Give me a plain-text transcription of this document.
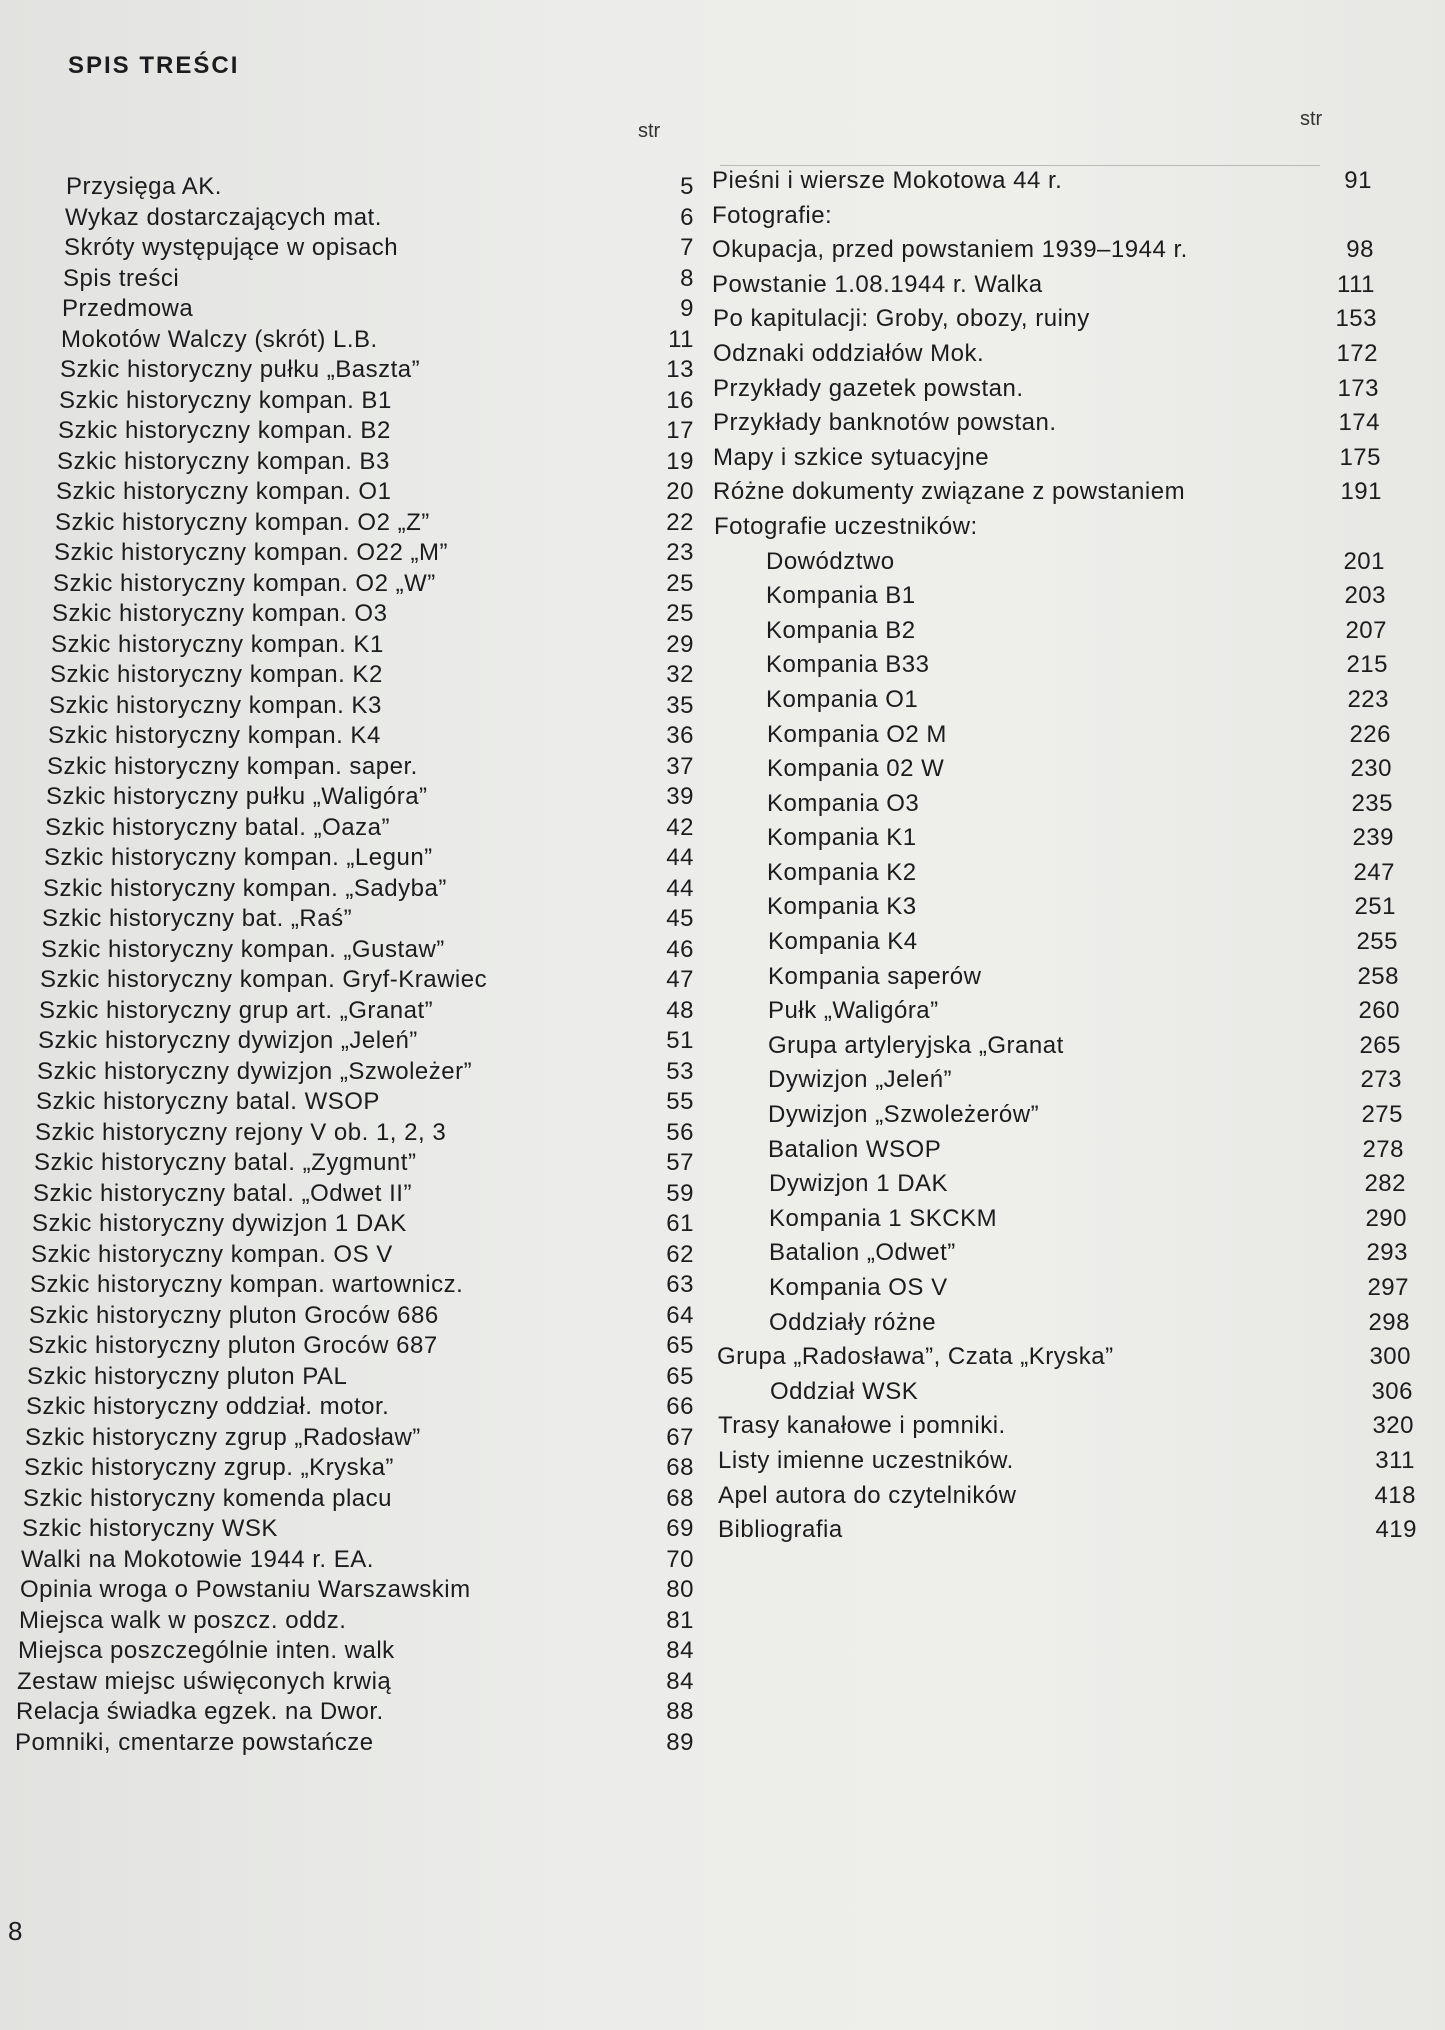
SPIS TREŚCI
str
str
Przysięga AK.	5
Wykaz dostarczających mat.	6
Skróty występujące w opisach	7
Spis treści	8
Przedmowa	9
Mokotów Walczy (skrót) L.B.	11
Szkic historyczny pułku „Baszta”	13
Szkic historyczny kompan. B1	16
Szkic historyczny kompan. B2	17
Szkic historyczny kompan. B3	19
Szkic historyczny kompan. O1	20
Szkic historyczny kompan. O2 „Z”	22
Szkic historyczny kompan. O22 „M”	23
Szkic historyczny kompan. O2 „W”	25
Szkic historyczny kompan. O3	25
Szkic historyczny kompan. K1	29
Szkic historyczny kompan. K2	32
Szkic historyczny kompan. K3	35
Szkic historyczny kompan. K4	36
Szkic historyczny kompan. saper.	37
Szkic historyczny pułku „Waligóra”	39
Szkic historyczny batal. „Oaza”	42
Szkic historyczny kompan. „Legun”	44
Szkic historyczny kompan. „Sadyba”	44
Szkic historyczny bat. „Raś”	45
Szkic historyczny kompan. „Gustaw”	46
Szkic historyczny kompan. Gryf-Krawiec	47
Szkic historyczny grup art. „Granat”	48
Szkic historyczny dywizjon „Jeleń”	51
Szkic historyczny dywizjon „Szwoleżer”	53
Szkic historyczny batal. WSOP	55
Szkic historyczny rejony V ob. 1, 2, 3	56
Szkic historyczny batal. „Zygmunt”	57
Szkic historyczny batal. „Odwet II”	59
Szkic historyczny dywizjon 1 DAK	61
Szkic historyczny kompan. OS V	62
Szkic historyczny kompan. wartownicz.	63
Szkic historyczny pluton Groców 686	64
Szkic historyczny pluton Groców 687	65
Szkic historyczny pluton PAL	65
Szkic historyczny oddział. motor.	66
Szkic historyczny zgrup „Radosław”	67
Szkic historyczny zgrup. „Kryska”	68
Szkic historyczny komenda placu	68
Szkic historyczny WSK	69
Walki na Mokotowie 1944 r. EA.	70
Opinia wroga o Powstaniu Warszawskim	80
Miejsca walk w poszcz. oddz.	81
Miejsca poszczególnie inten. walk	84
Zestaw miejsc uświęconych krwią	84
Relacja świadka egzek. na Dwor.	88
Pomniki, cmentarze powstańcze	89
Pieśni i wiersze Mokotowa 44 r.	91
Fotografie:
Okupacja, przed powstaniem 1939–1944 r.	98
Powstanie 1.08.1944 r. Walka	111
Po kapitulacji: Groby, obozy, ruiny	153
Odznaki oddziałów Mok.	172
Przykłady gazetek powstan.	173
Przykłady banknotów powstan.	174
Mapy i szkice sytuacyjne	175
Różne dokumenty związane z powstaniem	191
Fotografie uczestników:
Dowództwo	201
Kompania B1	203
Kompania B2	207
Kompania B33	215
Kompania O1	223
Kompania O2 M	226
Kompania 02 W	230
Kompania O3	235
Kompania K1	239
Kompania K2	247
Kompania K3	251
Kompania K4	255
Kompania saperów	258
Pułk „Waligóra”	260
Grupa artyleryjska „Granat	265
Dywizjon „Jeleń”	273
Dywizjon „Szwoleżerów”	275
Batalion WSOP	278
Dywizjon 1 DAK	282
Kompania 1 SKCKM	290
Batalion „Odwet”	293
Kompania OS V	297
Oddziały różne	298
Grupa „Radosława”, Czata „Kryska”	300
Oddział WSK	306
Trasy kanałowe i pomniki.	320
Listy imienne uczestników.	311
Apel autora do czytelników	418
Bibliografia	419
8
